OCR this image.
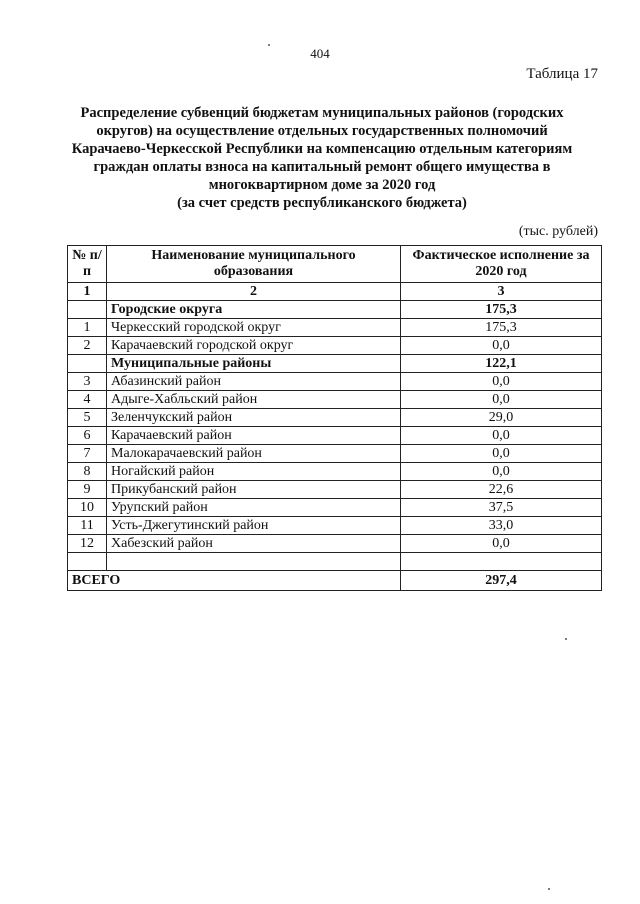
404
Таблица 17
Распределение субвенций бюджетам муниципальных районов (городских
округов) на осуществление отдельных государственных полномочий
Карачаево-Черкесской Республики на компенсацию отдельным категориям
граждан оплаты взноса на капитальный ремонт общего имущества в
многоквартирном доме за 2020 год
(за счет средств республиканского бюджета)
(тыс. рублей)
№ п/п	Наименование муниципального образования	Фактическое исполнение за 2020 год
1	2	3
	Городские округа	175,3
1	Черкесский городской округ	175,3
2	Карачаевский городской округ	0,0
	Муниципальные районы	122,1
3	Абазинский район	0,0
4	Адыге-Хабльский район	0,0
5	Зеленчукский район	29,0
6	Карачаевский район	0,0
7	Малокарачаевский район	0,0
8	Ногайский район	0,0
9	Прикубанский район	22,6
10	Урупский район	37,5
11	Усть-Джегутинский район	33,0
12	Хабезский район	0,0

ВСЕГО		297,4
